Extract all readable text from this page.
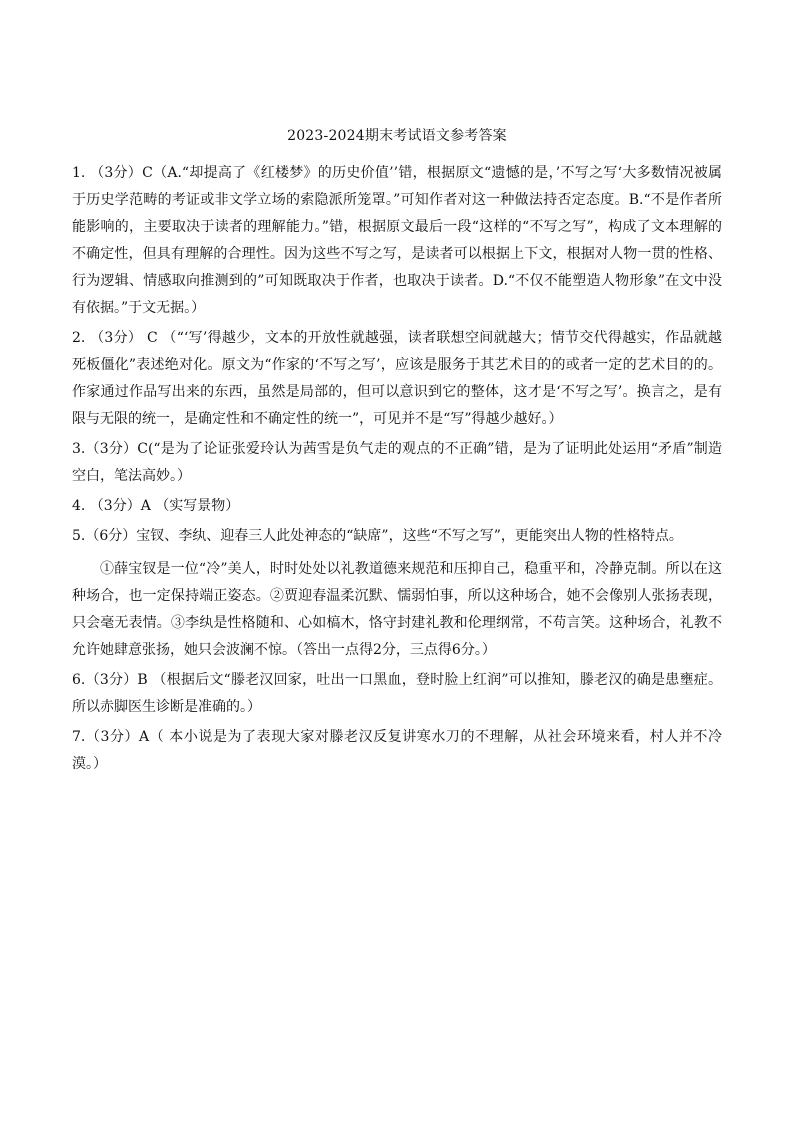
2023-2024期末考试语文参考答案

1. （3分）C（A.“却提高了《红楼梦》的历史价值’’错，根据原文“遗憾的是，’不写之写‘大多数情况被属于历史学范畴的考证或非文学立场的索隐派所笼罩。”可知作者对这一种做法持否定态度。B.“不是作者所能影响的，主要取决于读者的理解能力。”错，根据原文最后一段“这样的“不写之写”，构成了文本理解的不确定性，但具有理解的合理性。因为这些不写之写，是读者可以根据上下文，根据对人物一贯的性格、行为逻辑、情感取向推测到的”可知既取决于作者，也取决于读者。D.“不仅不能塑造人物形象”在文中没有依据。”于文无据。）

2. （3分） C （“‘写’得越少，文本的开放性就越强，读者联想空间就越大；情节交代得越实，作品就越死板僵化”表述绝对化。原文为“作家的‘不写之写’，应该是服务于其艺术目的的或者一定的艺术目的的。作家通过作品写出来的东西，虽然是局部的，但可以意识到它的整体，这才是‘不写之写’。换言之，是有限与无限的统一，是确定性和不确定性的统一”，可见并不是“写”得越少越好。）

3.（3分）C(“是为了论证张爱玲认为茜雪是负气走的观点的不正确”错，是为了证明此处运用“矛盾”制造空白，笔法高妙。）

4. （3分）A （实写景物）

5.（6分）宝钗、李纨、迎春三人此处神态的“缺席”，这些“不写之写”，更能突出人物的性格特点。

①薛宝钗是一位“冷”美人，时时处处以礼教道德来规范和压抑自己，稳重平和，冷静克制。所以在这种场合，也一定保持端正姿态。②贾迎春温柔沉默、懦弱怕事，所以这种场合，她不会像别人张扬表现，只会毫无表情。③李纨是性格随和、心如槁木，恪守封建礼教和伦理纲常，不苟言笑。这种场合，礼教不允许她肆意张扬，她只会波澜不惊。（答出一点得2分，三点得6分。）

6.（3分）B （根据后文“滕老汉回家，吐出一口黑血，登时脸上红润”可以推知，滕老汉的确是患壅症。所以赤脚医生诊断是准确的。）

7.（3分）A（ 本小说是为了表现大家对滕老汉反复讲寒水刀的不理解，从社会环境来看，村人并不冷漠。）
